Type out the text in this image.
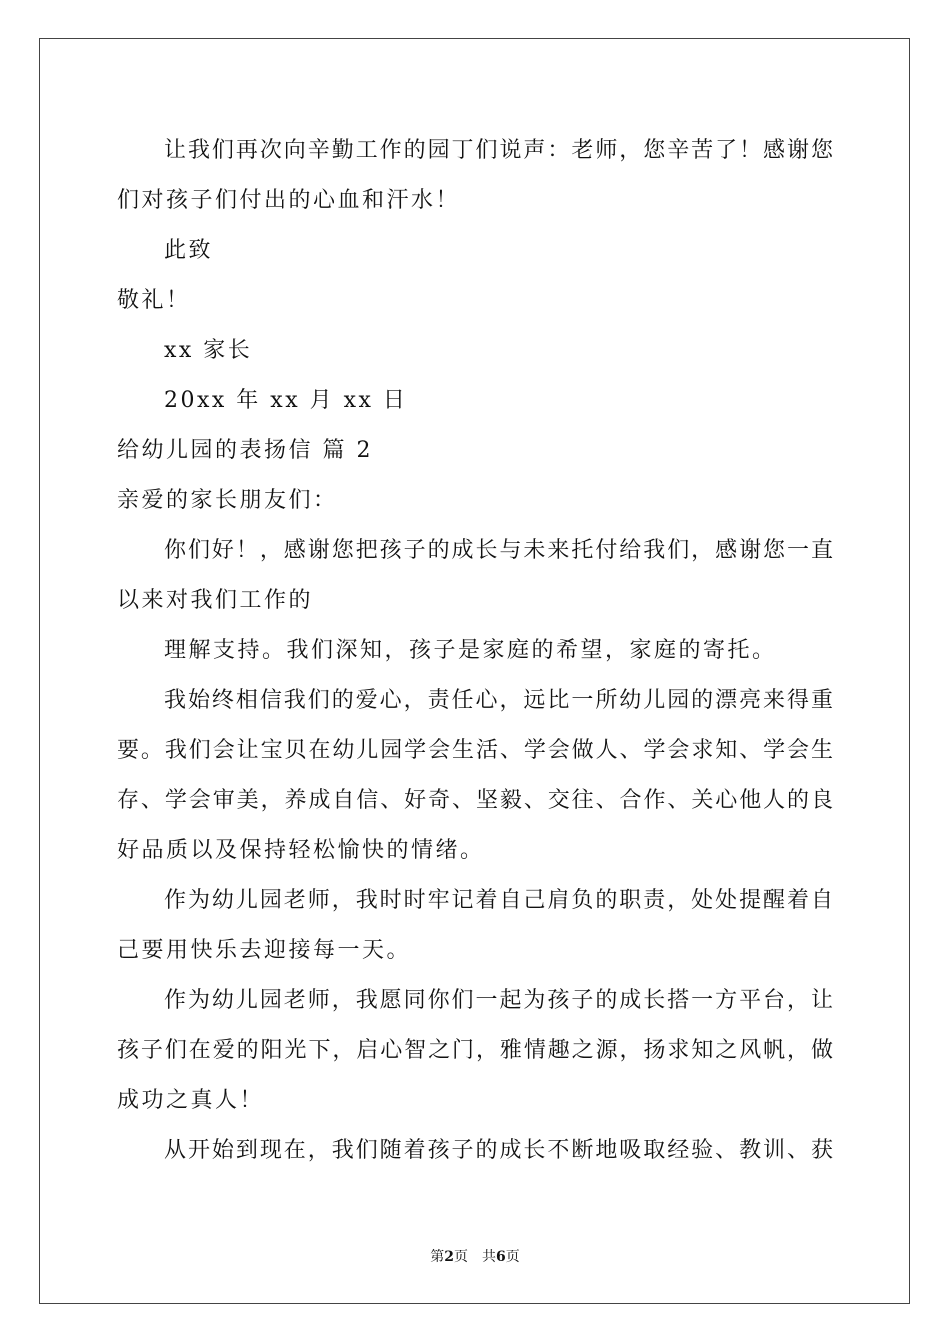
让我们再次向辛勤工作的园丁们说声：老师，您辛苦了！感谢您
们对孩子们付出的心血和汗水！
此致
敬礼！
xx 家长
20xx 年 xx 月 xx 日
给幼儿园的表扬信 篇 2
亲爱的家长朋友们：
你们好！，感谢您把孩子的成长与未来托付给我们，感谢您一直
以来对我们工作的
理解支持。我们深知，孩子是家庭的希望，家庭的寄托。
我始终相信我们的爱心，责任心，远比一所幼儿园的漂亮来得重
要。我们会让宝贝在幼儿园学会生活、学会做人、学会求知、学会生
存、学会审美，养成自信、好奇、坚毅、交往、合作、关心他人的良
好品质以及保持轻松愉快的情绪。
作为幼儿园老师，我时时牢记着自己肩负的职责，处处提醒着自
己要用快乐去迎接每一天。
作为幼儿园老师，我愿同你们一起为孩子的成长搭一方平台，让
孩子们在爱的阳光下，启心智之门，雅情趣之源，扬求知之风帆，做
成功之真人！
从开始到现在，我们随着孩子的成长不断地吸取经验、教训、获
第2页　共6页
